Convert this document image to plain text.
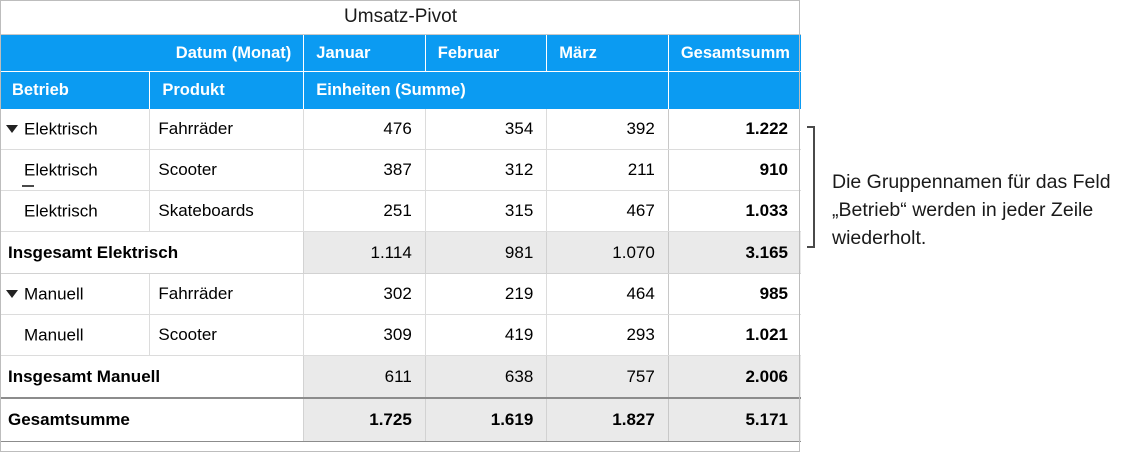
Umsatz-Pivot					
Datum (Monat)		Januar	Februar	März	Gesamtsumm
Betrieb	Produkt	Einheiten (Summe)			
Elektrisch	Fahrräder	476	354	392	1.222
Elektrisch	Scooter	387	312	211	910
Elektrisch	Skateboards	251	315	467	1.033
Insgesamt Elektrisch		1.114	981	1.070	3.165
Manuell	Fahrräder	302	219	464	985
Manuell	Scooter	309	419	293	1.021
Insgesamt Manuell		611	638	757	2.006
Gesamtsumme		1.725	1.619	1.827	5.171
Die Gruppennamen für das Feld „Betrieb“ werden in jeder Zeile wiederholt.
